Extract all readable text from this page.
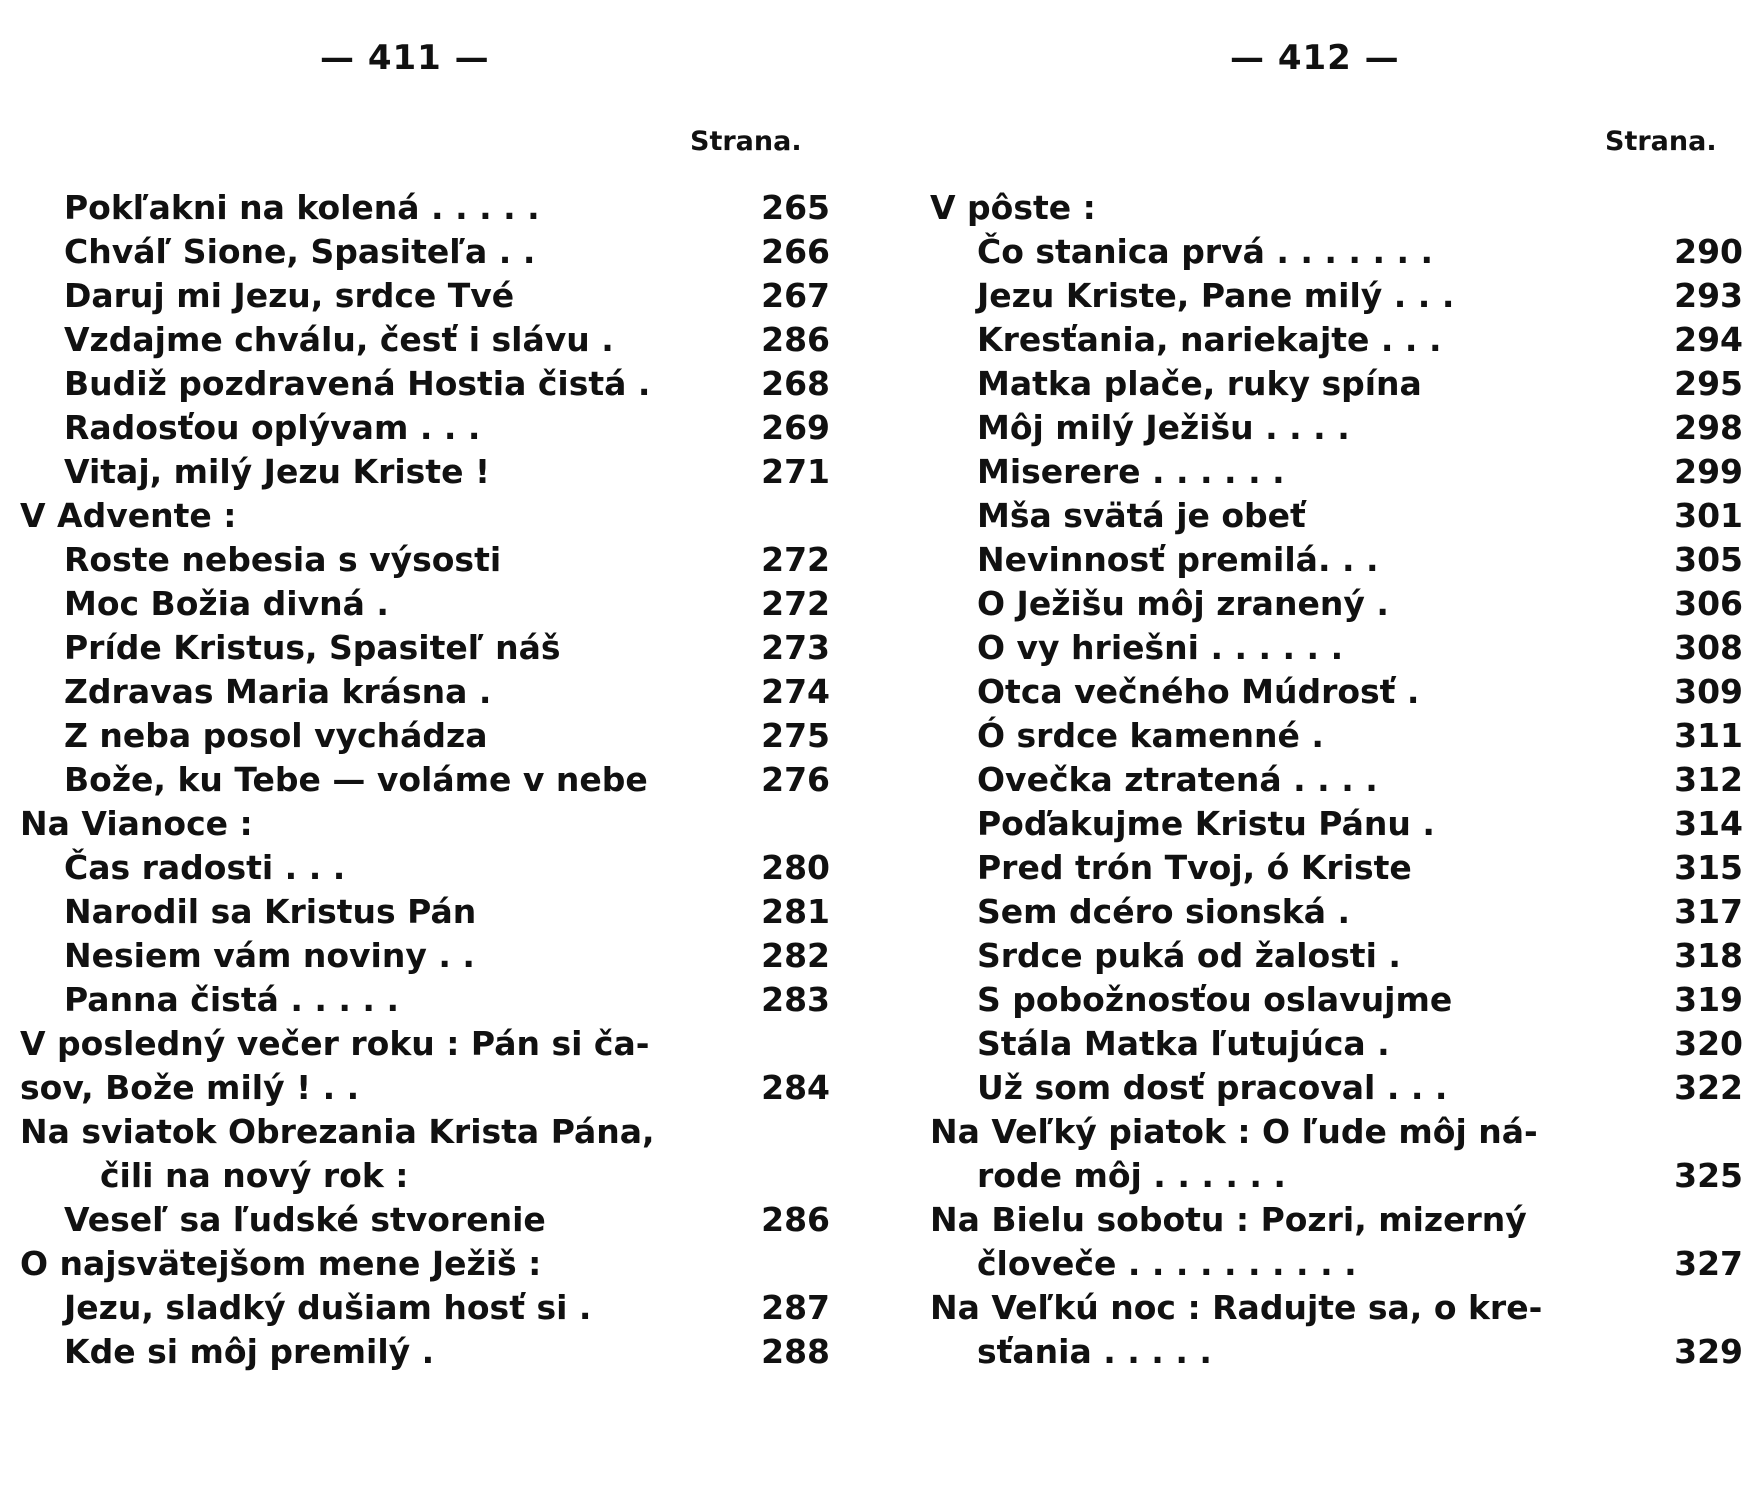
— 411 —
Strana.
Pokľakni na kolená . . . . .	265
Chváľ Sione, Spasiteľa . .	266
Daruj mi Jezu, srdce Tvé	267
Vzdajme chválu, česť i slávu .	286
Budiž pozdravená Hostia čistá .	268
Radosťou oplývam . . .	269
Vitaj, milý Jezu Kriste !	271
V Advente :
Roste nebesia s výsosti	272
Moc Božia divná .	272
Príde Kristus, Spasiteľ náš	273
Zdravas Maria krásna .	274
Z neba posol vychádza	275
Bože, ku Tebe — voláme v nebe	276
Na Vianoce :
Čas radosti . . .	280
Narodil sa Kristus Pán	281
Nesiem vám noviny . .	282
Panna čistá . . . . .	283
V posledný večer roku : Pán si ča-
sov, Bože milý ! . .	284
Na sviatok Obrezania Krista Pána,
čili na nový rok :
Veseľ sa ľudské stvorenie	286
O najsvätejšom mene Ježiš :
Jezu, sladký dušiam hosť si .	287
Kde si môj premilý .	288
— 412 —
Strana.
V pôste :
Čo stanica prvá . . . . . . .	290
Jezu Kriste, Pane milý . . .	293
Kresťania, nariekajte . . .	294
Matka plače, ruky spína	295
Môj milý Ježišu . . . .	298
Miserere . . . . . .	299
Mša svätá je obeť	301
Nevinnosť premilá. . .	305
O Ježišu môj zranený .	306
O vy hriešni . . . . . .	308
Otca večného Múdrosť .	309
Ó srdce kamenné .	311
Ovečka ztratená . . . .	312
Poďakujme Kristu Pánu .	314
Pred trón Tvoj, ó Kriste	315
Sem dcéro sionská .	317
Srdce puká od žalosti .	318
S pobožnosťou oslavujme	319
Stála Matka ľutujúca .	320
Už som dosť pracoval . . .	322
Na Veľký piatok : O ľude môj ná-
rode môj . . . . . .	325
Na Bielu sobotu : Pozri, mizerný
človeče . . . . . . . . . .	327
Na Veľkú noc : Radujte sa, o kre-
sťania . . . . .	329
